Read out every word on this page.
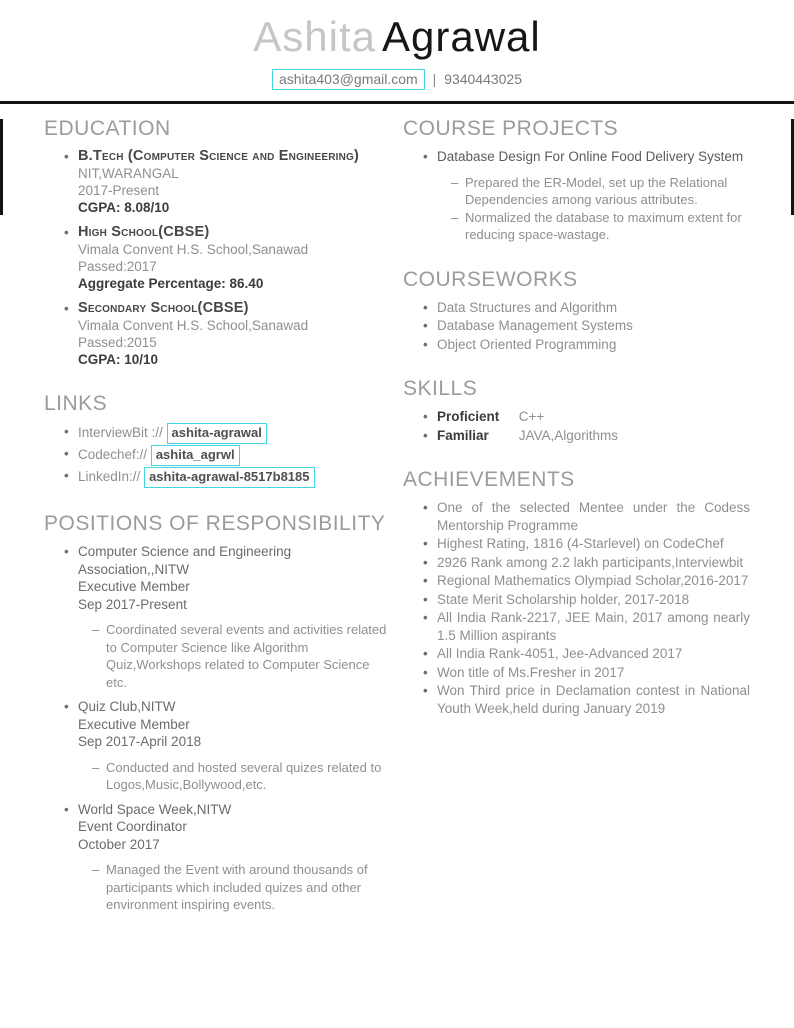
Ashita Agrawal
ashita403@gmail.com | 9340443025
EDUCATION
• B.Tech (Computer Science and Engineering)
NIT,WARANGAL
2017-Present
CGPA: 8.08/10
• High School(CBSE)
Vimala Convent H.S. School,Sanawad
Passed:2017
Aggregate Percentage: 86.40
• Secondary School(CBSE)
Vimala Convent H.S. School,Sanawad
Passed:2015
CGPA: 10/10
LINKS
• InterviewBit :// ashita-agrawal
• Codechef:// ashita_agrwl
• LinkedIn:// ashita-agrawal-8517b8185
POSITIONS OF RESPONSIBILITY
• Computer Science and Engineering Association,,NITW
Executive Member
Sep 2017-Present
– Coordinated several events and activities related to Computer Science like Algorithm Quiz,Workshops related to Computer Science etc.
• Quiz Club,NITW
Executive Member
Sep 2017-April 2018
– Conducted and hosted several quizes related to Logos,Music,Bollywood,etc.
• World Space Week,NITW
Event Coordinator
October 2017
– Managed the Event with around thousands of participants which included quizes and other environment inspiring events.
COURSE PROJECTS
• Database Design For Online Food Delivery System
– Prepared the ER-Model, set up the Relational Dependencies among various attributes.
– Normalized the database to maximum extent for reducing space-wastage.
COURSEWORKS
• Data Structures and Algorithm
• Database Management Systems
• Object Oriented Programming
SKILLS
• Proficient C++
• Familiar JAVA,Algorithms
ACHIEVEMENTS
• One of the selected Mentee under the Codess Mentorship Programme
• Highest Rating, 1816 (4-Starlevel) on CodeChef
• 2926 Rank among 2.2 lakh participants,Interviewbit
• Regional Mathematics Olympiad Scholar,2016-2017
• State Merit Scholarship holder, 2017-2018
• All India Rank-2217, JEE Main, 2017 among nearly 1.5 Million aspirants
• All India Rank-4051, Jee-Advanced 2017
• Won title of Ms.Fresher in 2017
• Won Third price in Declamation contest in National Youth Week,held during January 2019
